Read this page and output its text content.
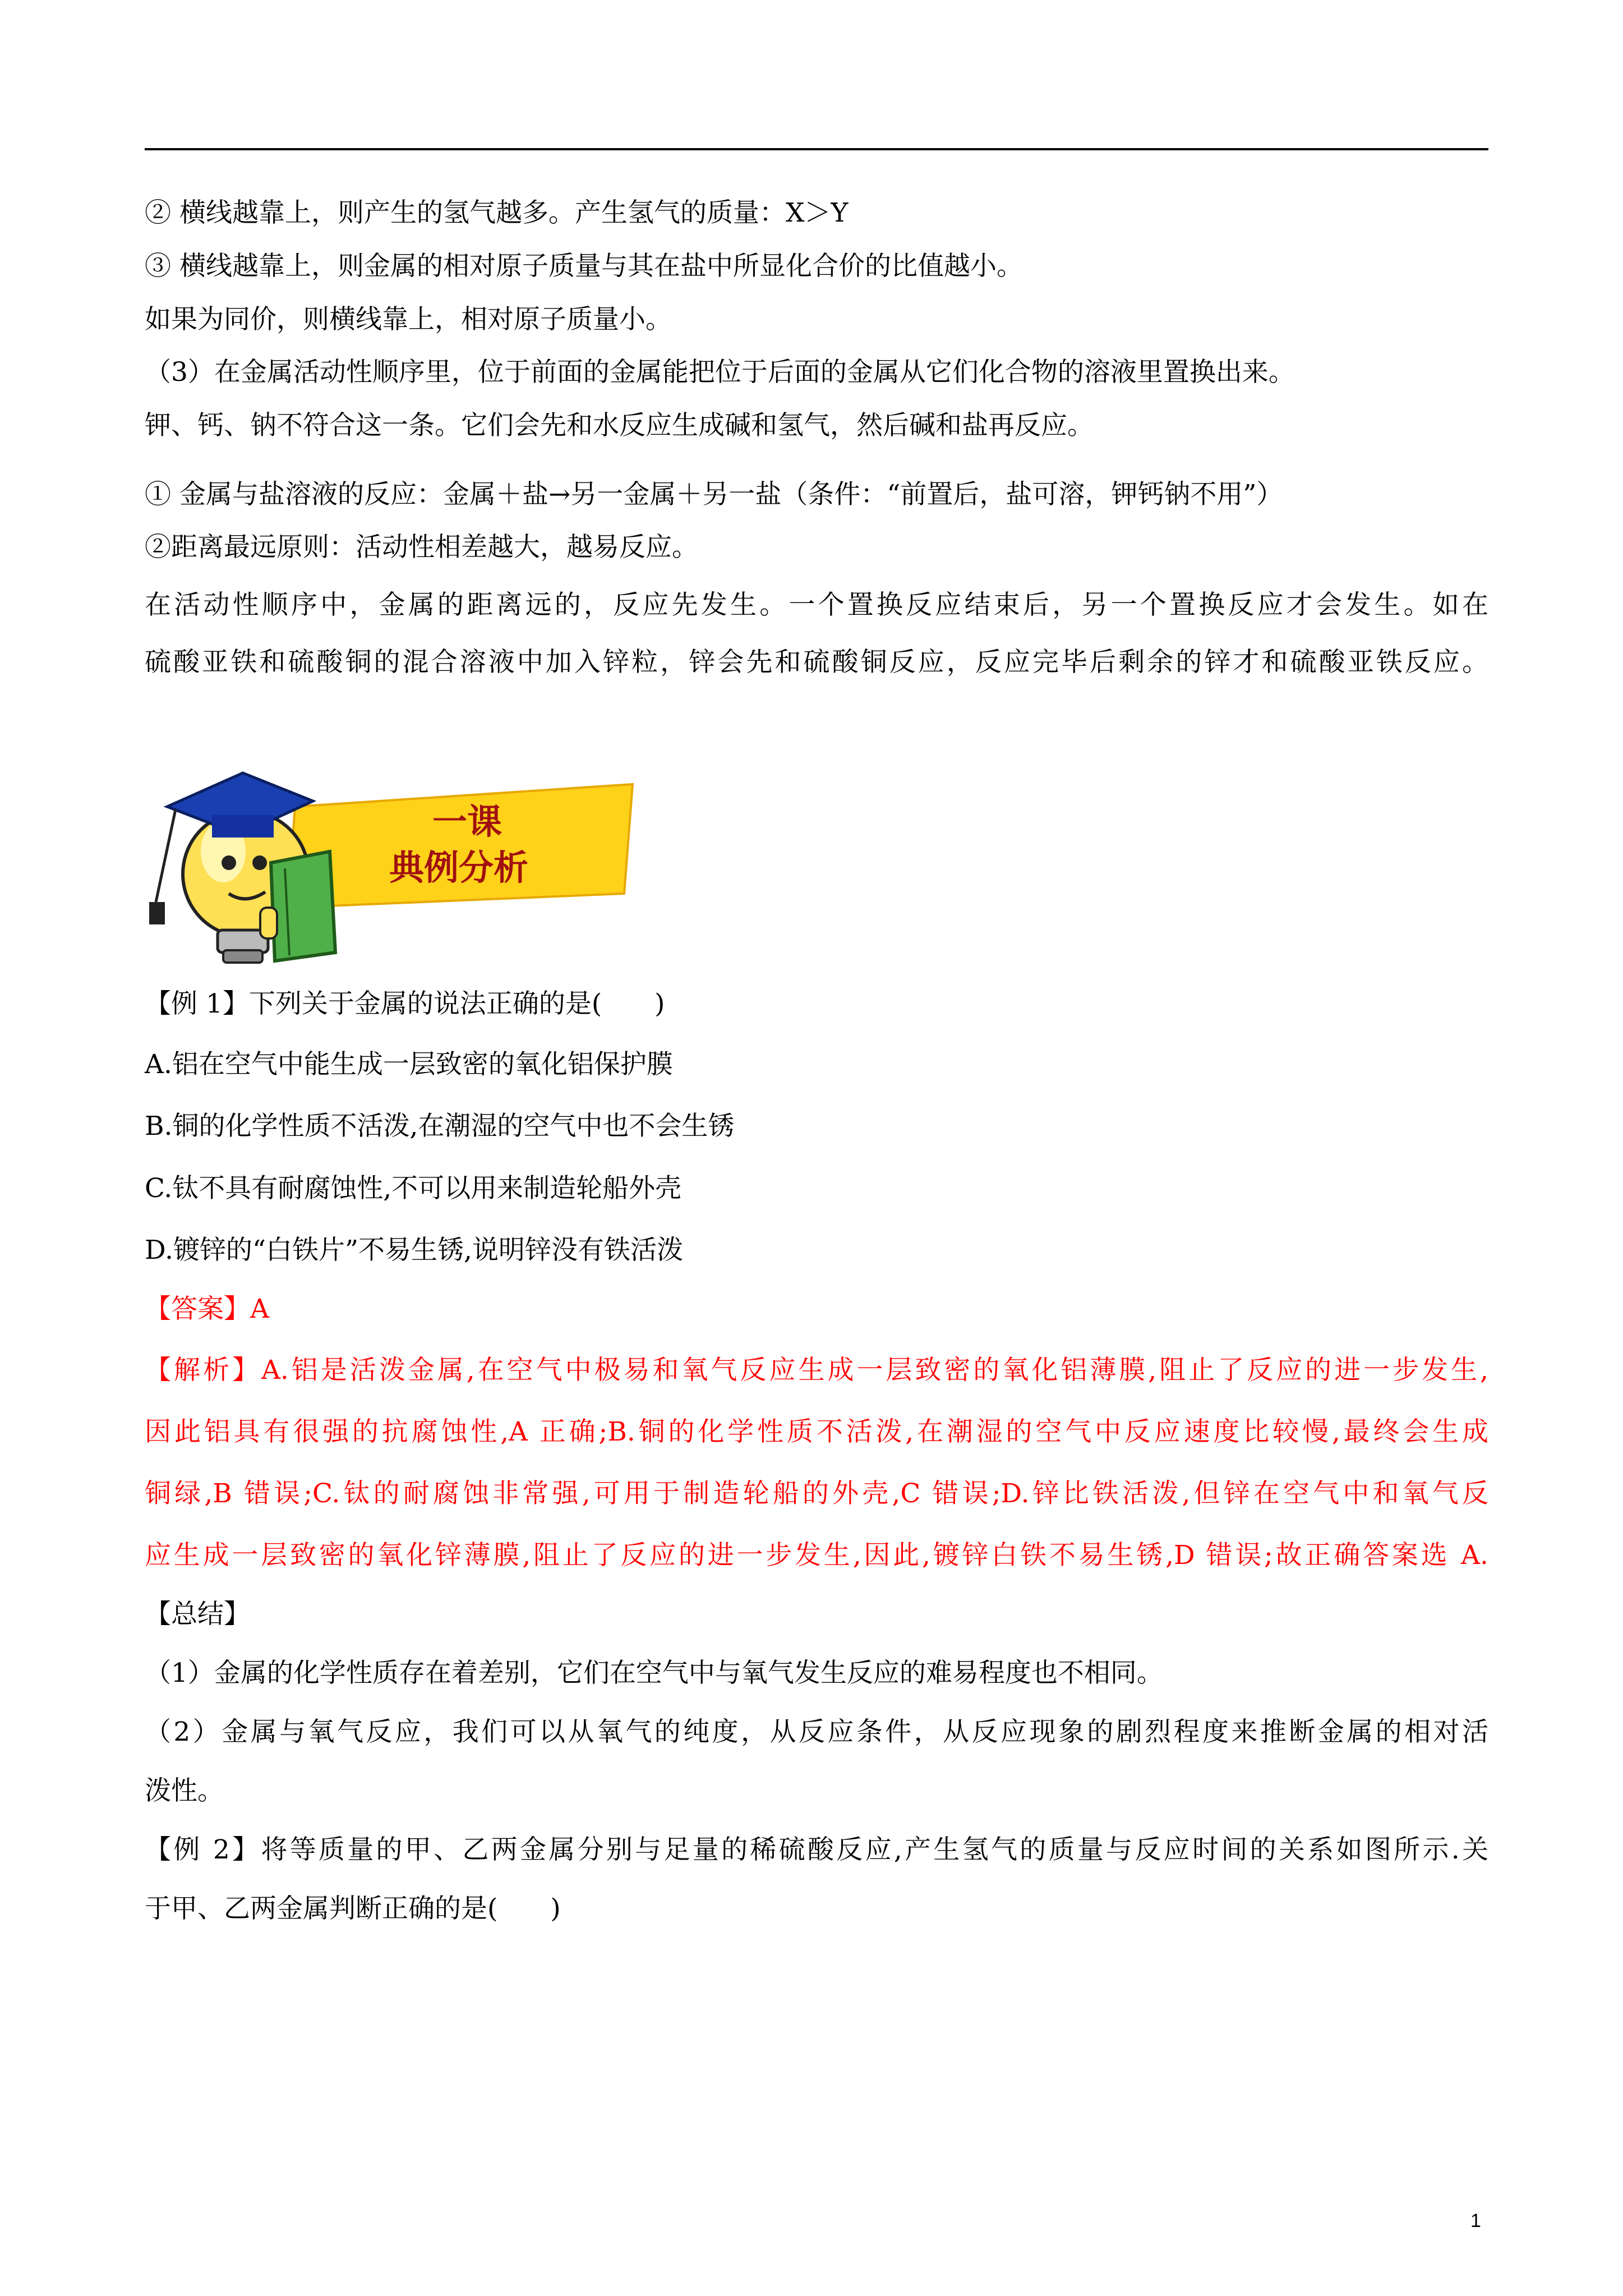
② 横线越靠上，则产生的氢气越多。产生氢气的质量：X＞Y
③ 横线越靠上，则金属的相对原子质量与其在盐中所显化合价的比值越小。
如果为同价，则横线靠上，相对原子质量小。
（3）在金属活动性顺序里，位于前面的金属能把位于后面的金属从它们化合物的溶液里置换出来。
钾、钙、钠不符合这一条。它们会先和水反应生成碱和氢气，然后碱和盐再反应。
① 金属与盐溶液的反应：金属＋盐→另一金属＋另一盐（条件：“前置后，盐可溶，钾钙钠不用”）
②距离最远原则：活动性相差越大，越易反应。
在活动性顺序中，金属的距离远的，反应先发生。一个置换反应结束后，另一个置换反应才会发生。如在
硫酸亚铁和硫酸铜的混合溶液中加入锌粒，锌会先和硫酸铜反应，反应完毕后剩余的锌才和硫酸亚铁反应。
一课
典例分析
【例 1】下列关于金属的说法正确的是(　　)
A.铝在空气中能生成一层致密的氧化铝保护膜
B.铜的化学性质不活泼,在潮湿的空气中也不会生锈
C.钛不具有耐腐蚀性,不可以用来制造轮船外壳
D.镀锌的“白铁片”不易生锈,说明锌没有铁活泼
【答案】A
【解析】A.铝是活泼金属,在空气中极易和氧气反应生成一层致密的氧化铝薄膜,阻止了反应的进一步发生,
因此铝具有很强的抗腐蚀性,A 正确;B.铜的化学性质不活泼,在潮湿的空气中反应速度比较慢,最终会生成
铜绿,B 错误;C.钛的耐腐蚀非常强,可用于制造轮船的外壳,C 错误;D.锌比铁活泼,但锌在空气中和氧气反
应生成一层致密的氧化锌薄膜,阻止了反应的进一步发生,因此,镀锌白铁不易生锈,D 错误;故正确答案选 A.
【总结】
（1）金属的化学性质存在着差别，它们在空气中与氧气发生反应的难易程度也不相同。
（2）金属与氧气反应，我们可以从氧气的纯度，从反应条件，从反应现象的剧烈程度来推断金属的相对活
泼性。
【例 2】将等质量的甲、乙两金属分别与足量的稀硫酸反应,产生氢气的质量与反应时间的关系如图所示.关
于甲、乙两金属判断正确的是(　　)
1
